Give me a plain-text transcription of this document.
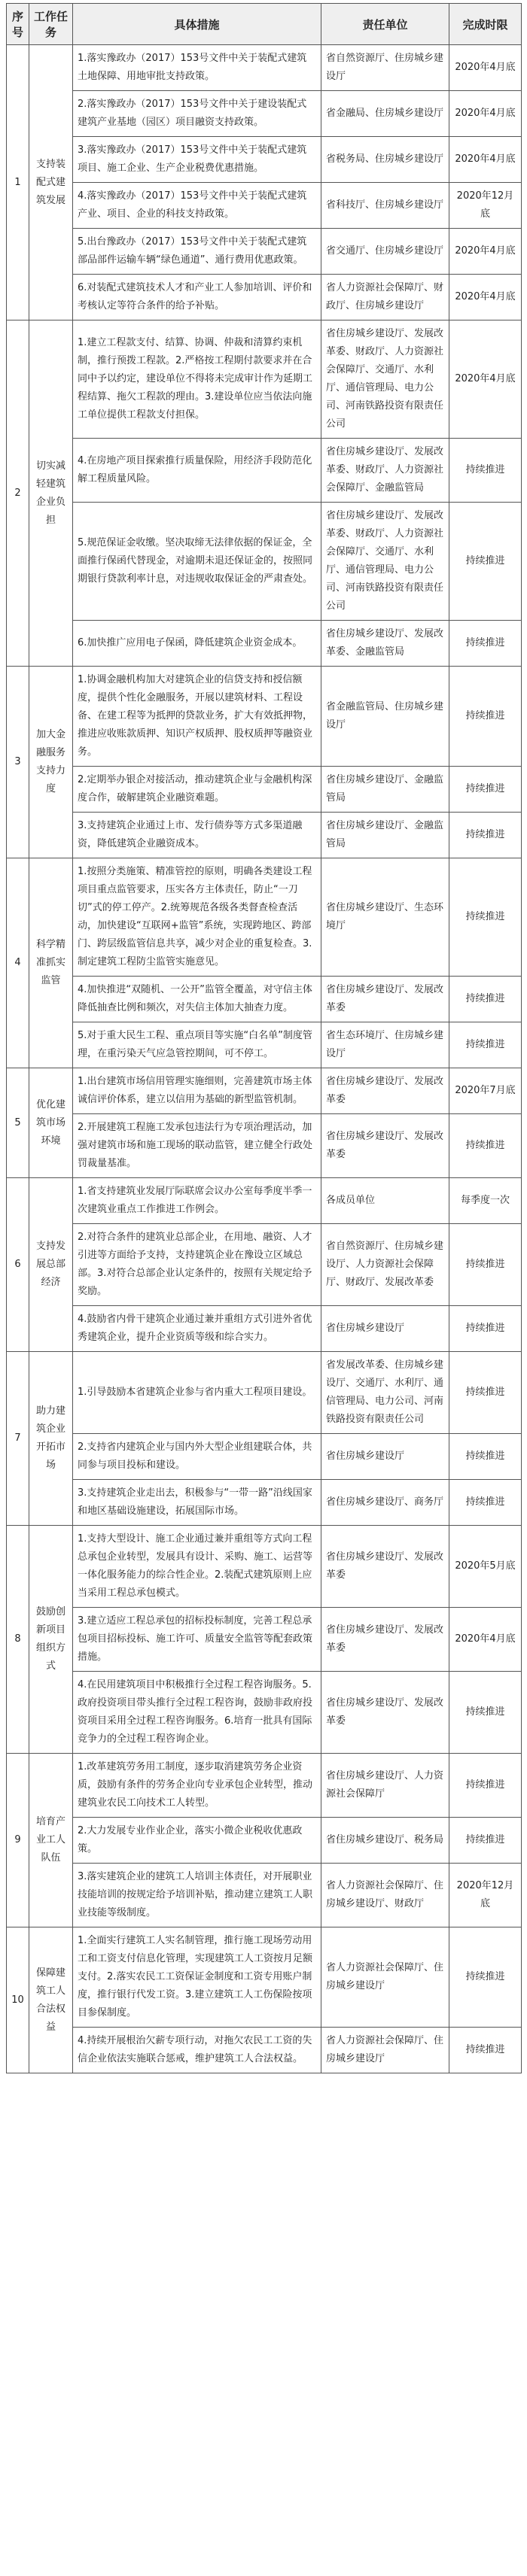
序号	工作任务	具体措施	责任单位	完成时限
1	支持装配式建筑发展	1.落实豫政办（2017）153号文件中关于装配式建筑土地保障、用地审批支持政策。	省自然资源厅、住房城乡建设厅	2020年4月底
		2.落实豫政办（2017）153号文件中关于建设装配式建筑产业基地（园区）项目融资支持政策。	省金融局、住房城乡建设厅	2020年4月底
		3.落实豫政办（2017）153号文件中关于装配式建筑项目、施工企业、生产企业税费优惠措施。	省税务局、住房城乡建设厅	2020年4月底
		4.落实豫政办（2017）153号文件中关于装配式建筑产业、项目、企业的科技支持政策。	省科技厅、住房城乡建设厅	2020年12月底
		5.出台豫政办（2017）153号文件中关于装配式建筑部品部件运输车辆“绿色通道”、通行费用优惠政策。	省交通厅、住房城乡建设厅	2020年4月底
		6.对装配式建筑技术人才和产业工人参加培训、评价和考核认定等符合条件的给予补贴。	省人力资源社会保障厅、财政厅、住房城乡建设厅	2020年4月底
2	切实减轻建筑企业负担	1.建立工程款支付、结算、协调、仲裁和清算约束机制，推行预拨工程款。2.严格按工程期付款要求并在合同中予以约定，建设单位不得将未完成审计作为延期工程结算、拖欠工程款的理由。3.建设单位应当依法向施工单位提供工程款支付担保。	省住房城乡建设厅、发展改革委、财政厅、人力资源社会保障厅、交通厅、水利厅、通信管理局、电力公司、河南铁路投资有限责任公司	2020年4月底
		4.在房地产项目探索推行质量保险，用经济手段防范化解工程质量风险。	省住房城乡建设厅、发展改革委、财政厅、人力资源社会保障厅、金融监管局	持续推进
		5.规范保证金收缴。坚决取缔无法律依据的保证金，全面推行保函代替现金，对逾期未退还保证金的，按照同期银行贷款利率计息，对违规收取保证金的严肃查处。	省住房城乡建设厅、发展改革委、财政厅、人力资源社会保障厅、交通厅、水利厅、通信管理局、电力公司、河南铁路投资有限责任公司	持续推进
		6.加快推广应用电子保函，降低建筑企业资金成本。	省住房城乡建设厅、发展改革委、金融监管局	持续推进
3	加大金融服务支持力度	1.协调金融机构加大对建筑企业的信贷支持和授信额度，提供个性化金融服务，开展以建筑材料、工程设备、在建工程等为抵押的贷款业务，扩大有效抵押物，推进应收账款质押、知识产权质押、股权质押等融资业务。	省金融监管局、住房城乡建设厅	持续推进
		2.定期举办银企对接活动，推动建筑企业与金融机构深度合作，破解建筑企业融资难题。	省住房城乡建设厅、金融监管局	持续推进
		3.支持建筑企业通过上市、发行债券等方式多渠道融资，降低建筑企业融资成本。	省住房城乡建设厅、金融监管局	持续推进
4	科学精准抓实监管	1.按照分类施策、精准管控的原则，明确各类建设工程项目重点监管要求，压实各方主体责任，防止“一刀切”式的停工停产。2.统筹规范各级各类督查检查活动，加快建设“互联网+监管”系统，实现跨地区、跨部门、跨层级监管信息共享，减少对企业的重复检查。3.制定建筑工程防尘监管实施意见。	省住房城乡建设厅、生态环境厅	持续推进
		4.加快推进“双随机、一公开”监管全覆盖，对守信主体降低抽查比例和频次，对失信主体加大抽查力度。	省住房城乡建设厅、发展改革委	持续推进
		5.对于重大民生工程、重点项目等实施“白名单”制度管理，在重污染天气应急管控期间，可不停工。	省生态环境厅、住房城乡建设厅	持续推进
5	优化建筑市场环境	1.出台建筑市场信用管理实施细则，完善建筑市场主体诚信评价体系，建立以信用为基础的新型监管机制。	省住房城乡建设厅、发展改革委	2020年7月底
		2.开展建筑工程施工发承包违法行为专项治理活动，加强对建筑市场和施工现场的联动监管，建立健全行政处罚裁量基准。	省住房城乡建设厅、发展改革委	持续推进
6	支持发展总部经济	1.省支持建筑业发展厅际联席会议办公室每季度半季一次建筑业重点工作推进工作例会。	各成员单位	每季度一次
		2.对符合条件的建筑业总部企业，在用地、融资、人才引进等方面给予支持，支持建筑企业在豫设立区域总部。3.对符合总部企业认定条件的，按照有关规定给予奖励。	省自然资源厅、住房城乡建设厅、人力资源社会保障厅、财政厅、发展改革委	持续推进
		4.鼓励省内骨干建筑企业通过兼并重组方式引进外省优秀建筑企业，提升企业资质等级和综合实力。	省住房城乡建设厅	持续推进
7	助力建筑企业开拓市场	1.引导鼓励本省建筑企业参与省内重大工程项目建设。	省发展改革委、住房城乡建设厅、交通厅、水利厅、通信管理局、电力公司、河南铁路投资有限责任公司	持续推进
		2.支持省内建筑企业与国内外大型企业组建联合体，共同参与项目投标和建设。	省住房城乡建设厅	持续推进
		3.支持建筑企业走出去，积极参与“一带一路”沿线国家和地区基础设施建设，拓展国际市场。	省住房城乡建设厅、商务厅	持续推进
8	鼓励创新项目组织方式	1.支持大型设计、施工企业通过兼并重组等方式向工程总承包企业转型，发展具有设计、采购、施工、运营等一体化服务能力的综合性企业。2.装配式建筑原则上应当采用工程总承包模式。	省住房城乡建设厅、发展改革委	2020年5月底
		3.建立适应工程总承包的招标投标制度，完善工程总承包项目招标投标、施工许可、质量安全监管等配套政策措施。	省住房城乡建设厅、发展改革委	2020年4月底
		4.在民用建筑项目中积极推行全过程工程咨询服务。5.政府投资项目带头推行全过程工程咨询，鼓励非政府投资项目采用全过程工程咨询服务。6.培育一批具有国际竞争力的全过程工程咨询企业。	省住房城乡建设厅、发展改革委	持续推进
9	培育产业工人队伍	1.改革建筑劳务用工制度，逐步取消建筑劳务企业资质，鼓励有条件的劳务企业向专业承包企业转型，推动建筑业农民工向技术工人转型。	省住房城乡建设厅、人力资源社会保障厅	持续推进
		2.大力发展专业作业企业，落实小微企业税收优惠政策。	省住房城乡建设厅、税务局	持续推进
		3.落实建筑企业的建筑工人培训主体责任，对开展职业技能培训的按规定给予培训补贴，推动建立建筑工人职业技能等级制度。	省人力资源社会保障厅、住房城乡建设厅、财政厅	2020年12月底
10	保障建筑工人合法权益	1.全面实行建筑工人实名制管理，推行施工现场劳动用工和工资支付信息化管理，实现建筑工人工资按月足额支付。2.落实农民工工资保证金制度和工资专用账户制度，推行银行代发工资。3.建立建筑工人工伤保险按项目参保制度。	省人力资源社会保障厅、住房城乡建设厅	持续推进
		4.持续开展根治欠薪专项行动，对拖欠农民工工资的失信企业依法实施联合惩戒，维护建筑工人合法权益。	省人力资源社会保障厅、住房城乡建设厅	持续推进
